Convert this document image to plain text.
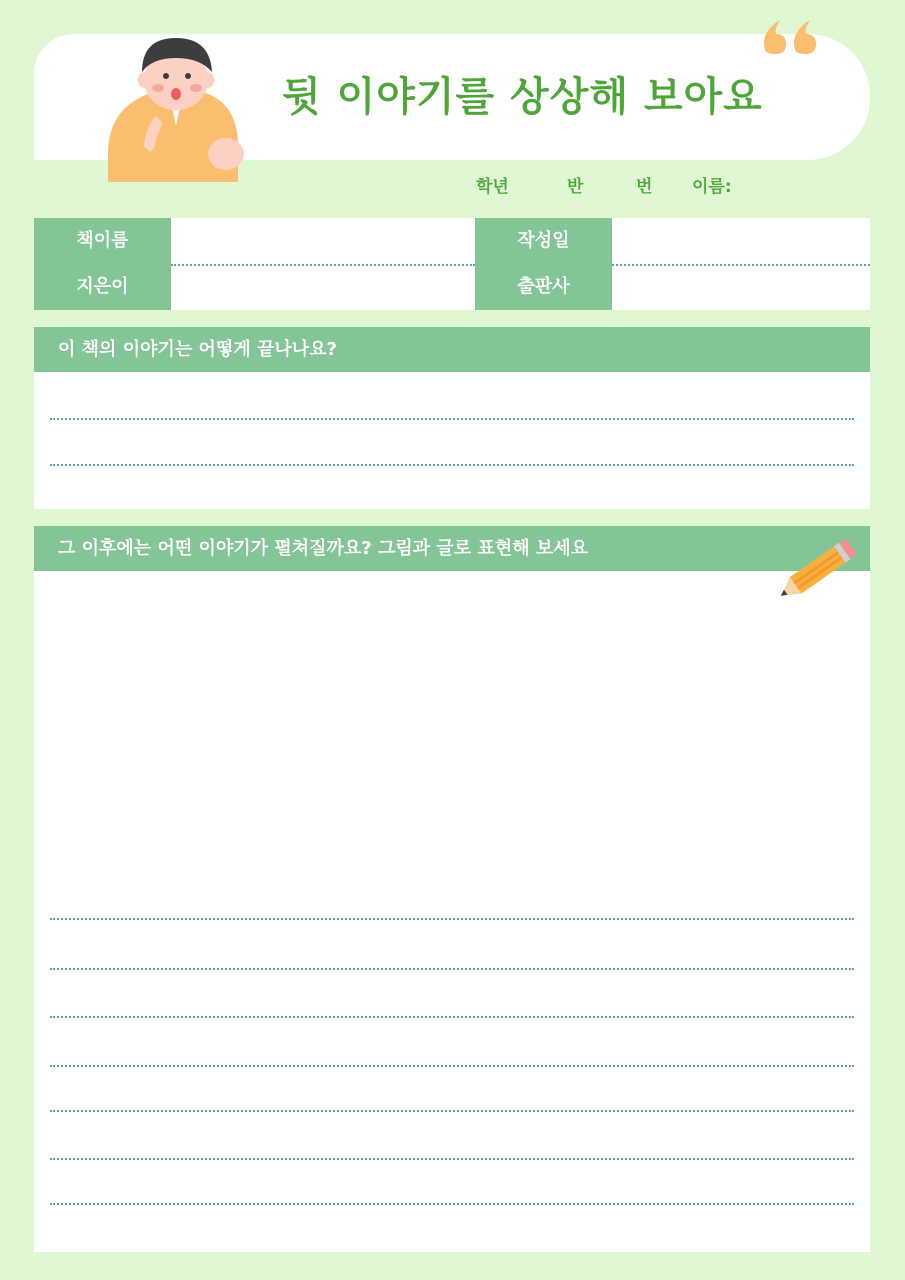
뒷 이야기를 상상해 보아요
학년	반	번 이름:
책이름
지은이
작성일
출판사
이 책의 이야기는 어떻게 끝나나요?
그 이후에는 어떤 이야기가 펼쳐질까요? 그림과 글로 표현해 보세요
